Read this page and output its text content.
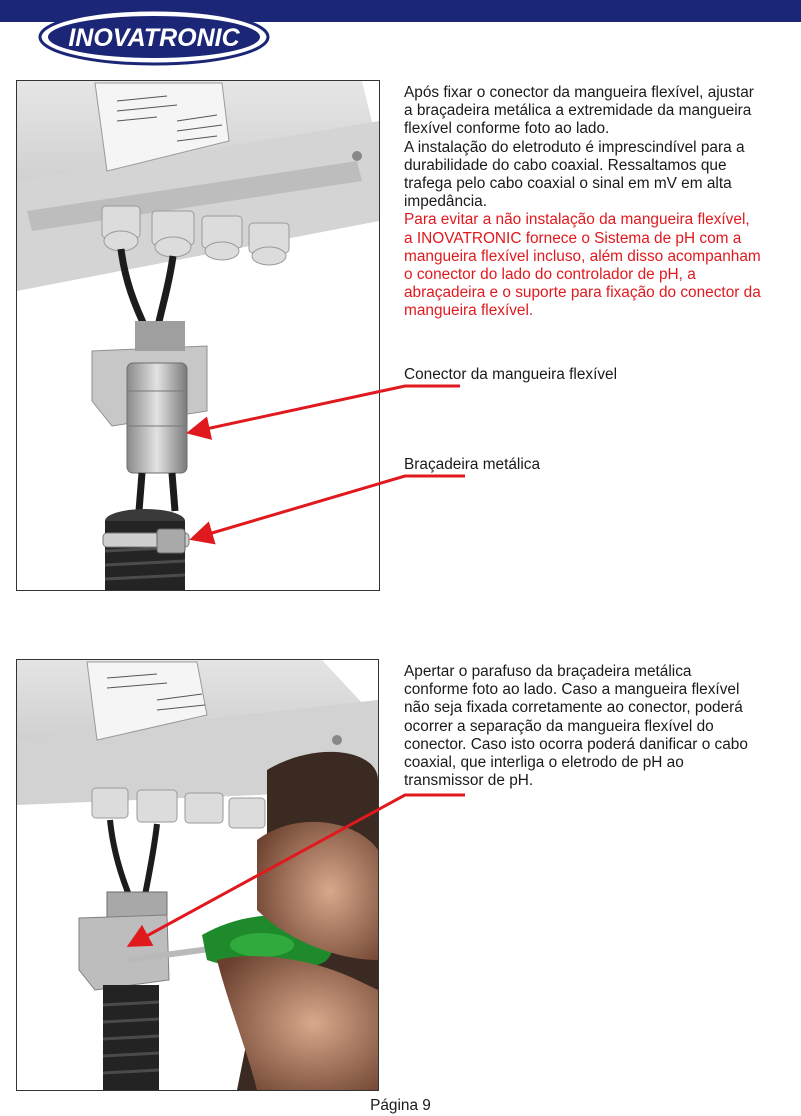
INOVATRONIC

Após fixar o conector da mangueira flexível, ajustar
a braçadeira metálica a extremidade da mangueira
flexível conforme foto ao lado.
A instalação do eletroduto é imprescindível para a
durabilidade do cabo coaxial. Ressaltamos que
trafega pelo cabo coaxial o sinal em mV em alta
impedância.
Para evitar a não instalação da mangueira flexível,
a INOVATRONIC fornece o Sistema de pH com a
mangueira flexível incluso, além disso acompanham
o conector do lado do controlador de pH, a
abraçadeira e o suporte para fixação do conector da
mangueira flexível.

Conector da mangueira flexível
Braçadeira metálica

Apertar o parafuso da braçadeira metálica
conforme foto ao lado. Caso a mangueira flexível
não seja fixada corretamente ao conector, poderá
ocorrer a separação da mangueira flexível do
conector. Caso isto ocorra poderá danificar o cabo
coaxial, que interliga o eletrodo de pH ao
transmissor de pH.

Página 9
